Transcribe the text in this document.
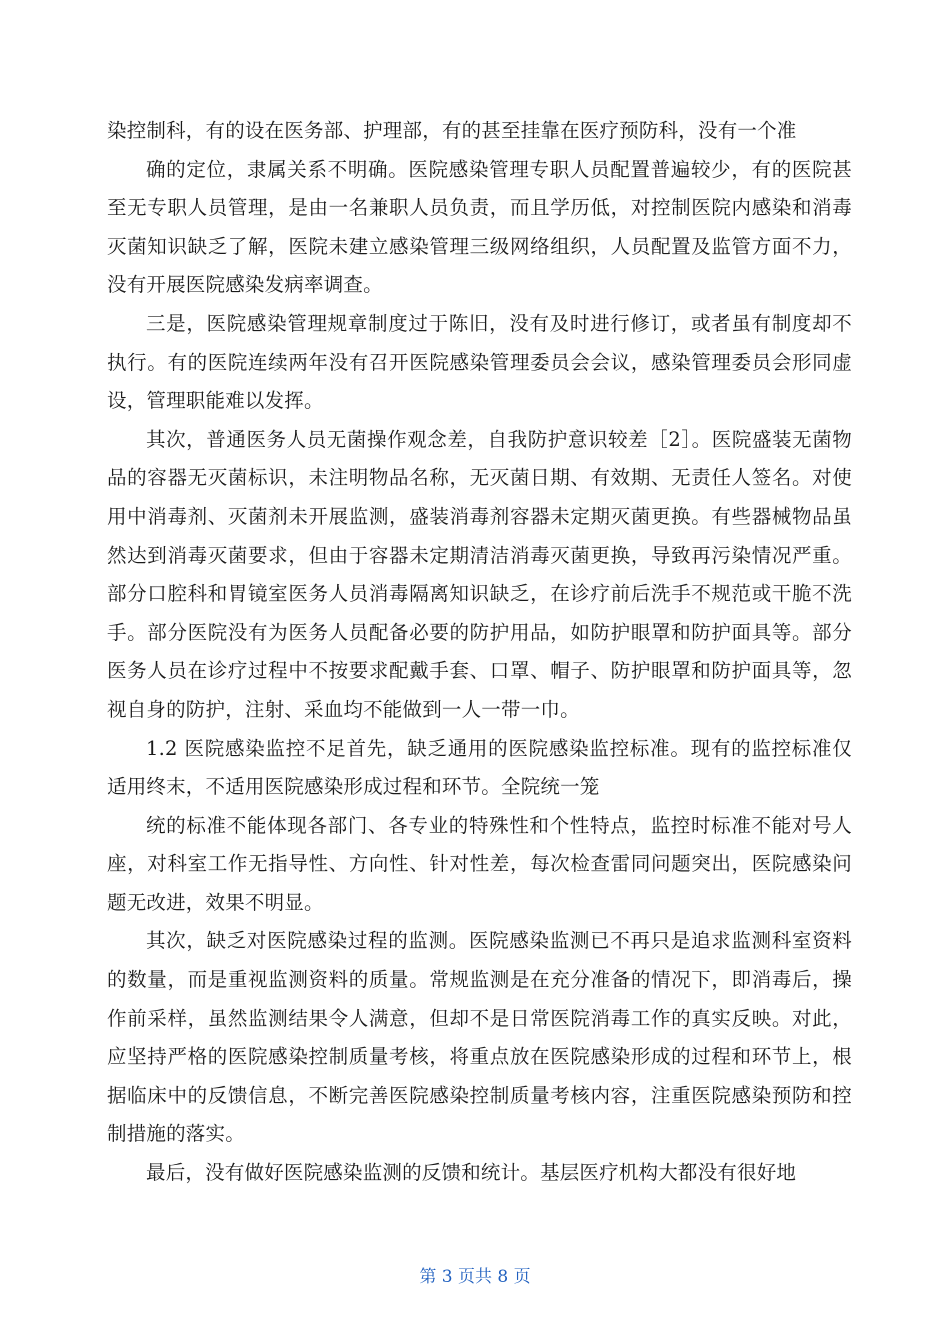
染控制科，有的设在医务部、护理部，有的甚至挂靠在医疗预防科，没有一个准

确的定位，隶属关系不明确。医院感染管理专职人员配置普遍较少，有的医院甚至无专职人员管理，是由一名兼职人员负责，而且学历低，对控制医院内感染和消毒灭菌知识缺乏了解，医院未建立感染管理三级网络组织，人员配置及监管方面不力，没有开展医院感染发病率调查。

三是，医院感染管理规章制度过于陈旧，没有及时进行修订，或者虽有制度却不执行。有的医院连续两年没有召开医院感染管理委员会会议，感染管理委员会形同虚设，管理职能难以发挥。

其次，普通医务人员无菌操作观念差，自我防护意识较差［2］。医院盛装无菌物品的容器无灭菌标识，未注明物品名称，无灭菌日期、有效期、无责任人签名。对使用中消毒剂、灭菌剂未开展监测，盛装消毒剂容器未定期灭菌更换。有些器械物品虽然达到消毒灭菌要求，但由于容器未定期清洁消毒灭菌更换，导致再污染情况严重。部分口腔科和胃镜室医务人员消毒隔离知识缺乏，在诊疗前后洗手不规范或干脆不洗手。部分医院没有为医务人员配备必要的防护用品，如防护眼罩和防护面具等。部分医务人员在诊疗过程中不按要求配戴手套、口罩、帽子、防护眼罩和防护面具等，忽视自身的防护，注射、采血均不能做到一人一带一巾。

1.2 医院感染监控不足首先，缺乏通用的医院感染监控标准。现有的监控标准仅适用终末，不适用医院感染形成过程和环节。全院统一笼

统的标准不能体现各部门、各专业的特殊性和个性特点，监控时标准不能对号人座，对科室工作无指导性、方向性、针对性差，每次检查雷同问题突出，医院感染问题无改进，效果不明显。

其次，缺乏对医院感染过程的监测。医院感染监测已不再只是追求监测科室资料的数量，而是重视监测资料的质量。常规监测是在充分准备的情况下，即消毒后，操作前采样，虽然监测结果令人满意，但却不是日常医院消毒工作的真实反映。对此，应坚持严格的医院感染控制质量考核，将重点放在医院感染形成的过程和环节上，根据临床中的反馈信息，不断完善医院感染控制质量考核内容，注重医院感染预防和控制措施的落实。

最后，没有做好医院感染监测的反馈和统计。基层医疗机构大都没有很好地

第 3 页共 8 页
